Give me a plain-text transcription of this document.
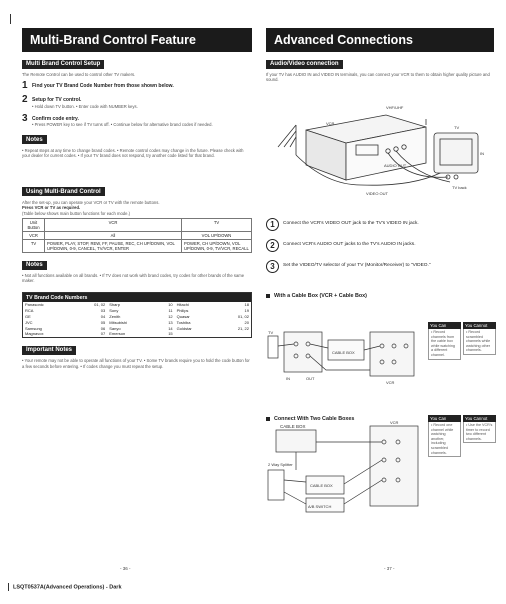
Multi-Brand Control Feature
Multi Brand Control Setup
The Remote Control can be used to control other TV makers.
1 Find your TV Brand Code Number from those shown below.
2 Setup for TV control.
• Hold down TV button. • Enter code with NUMBER keys.
3 Confirm code entry.
• Press POWER key to see if TV turns off. • Continue below for alternative brand codes if needed.
Notes
• Repeat steps at any time to change brand codes. • Remote control codes may change in the future. Please check with your dealer for current codes. • If your TV brand does not respond, try another code listed for that brand.
Using Multi-Brand Control
After the set-up, you can operate your VCR or TV with the remote buttons.
Press VCR or TV as required.
(Table below shows main button functions for each mode.)
Unit Button	VCR	TV
VCR	All	VOL UP/DOWN
TV	POWER, PLAY, STOP, REW, FF, PAUSE, REC, CH UP/DOWN, VOL UP/DOWN, 0-9, CANCEL, TV/VCR, ENTER	POWER, CH UP/DOWN, VOL UP/DOWN, 0-9, TV/VCR, RECALL
Notes
• Not all functions available on all brands. • If TV does not work with brand codes, try codes for other brands of the same maker.
TV Brand Code Numbers
Panasonic	01, 02	Sharp	10	Hitachi	18
RCA	03	Sony	11	Philips	19
GE	04	Zenith	12	Quasar	01, 02
JVC	05	Mitsubishi	13	Toshiba	20
Samsung	06	Sanyo	14	Goldstar	21, 22
Magnavox	07	Emerson	15		
Important Notes
• Your remote may not be able to operate all functions of your TV. • Some TV brands require you to hold the code button for a few seconds before entering. • If codes change you must repeat the setup.
- 36 -
Advanced Connections
Audio/Video connection
If your TV has AUDIO IN and VIDEO IN terminals, you can connect your VCR to them to obtain higher quality picture and sound.
VHF/UHF
VCR
AUDIO OUT
VIDEO OUT
TV
IN
TV back
1	Connect the VCR's VIDEO OUT jack to the TV's VIDEO IN jack.
2	Connect VCR's AUDIO OUT jacks to the TV's AUDIO IN jacks.
3	Set the VIDEO/TV selector of your TV (Monitor/Receiver) to "VIDEO."
With a Cable Box (VCR + Cable Box)
CABLE BOX
VCR
TV
IN	OUT
You Can
• Record channels from the cable box while watching a different channel.
You Cannot
• Record scrambled channels while watching other channels.
Connect With Two Cable Boxes
CABLE BOX
CABLE BOX
VCR
2 Way Splitter
A/B SWITCH
You Can
• Record one channel while watching another, including scrambled channels.
You Cannot
• Use the VCR's timer to record two different channels.
- 37 -
LSQT0537A(Advanced Operations) - Dark
